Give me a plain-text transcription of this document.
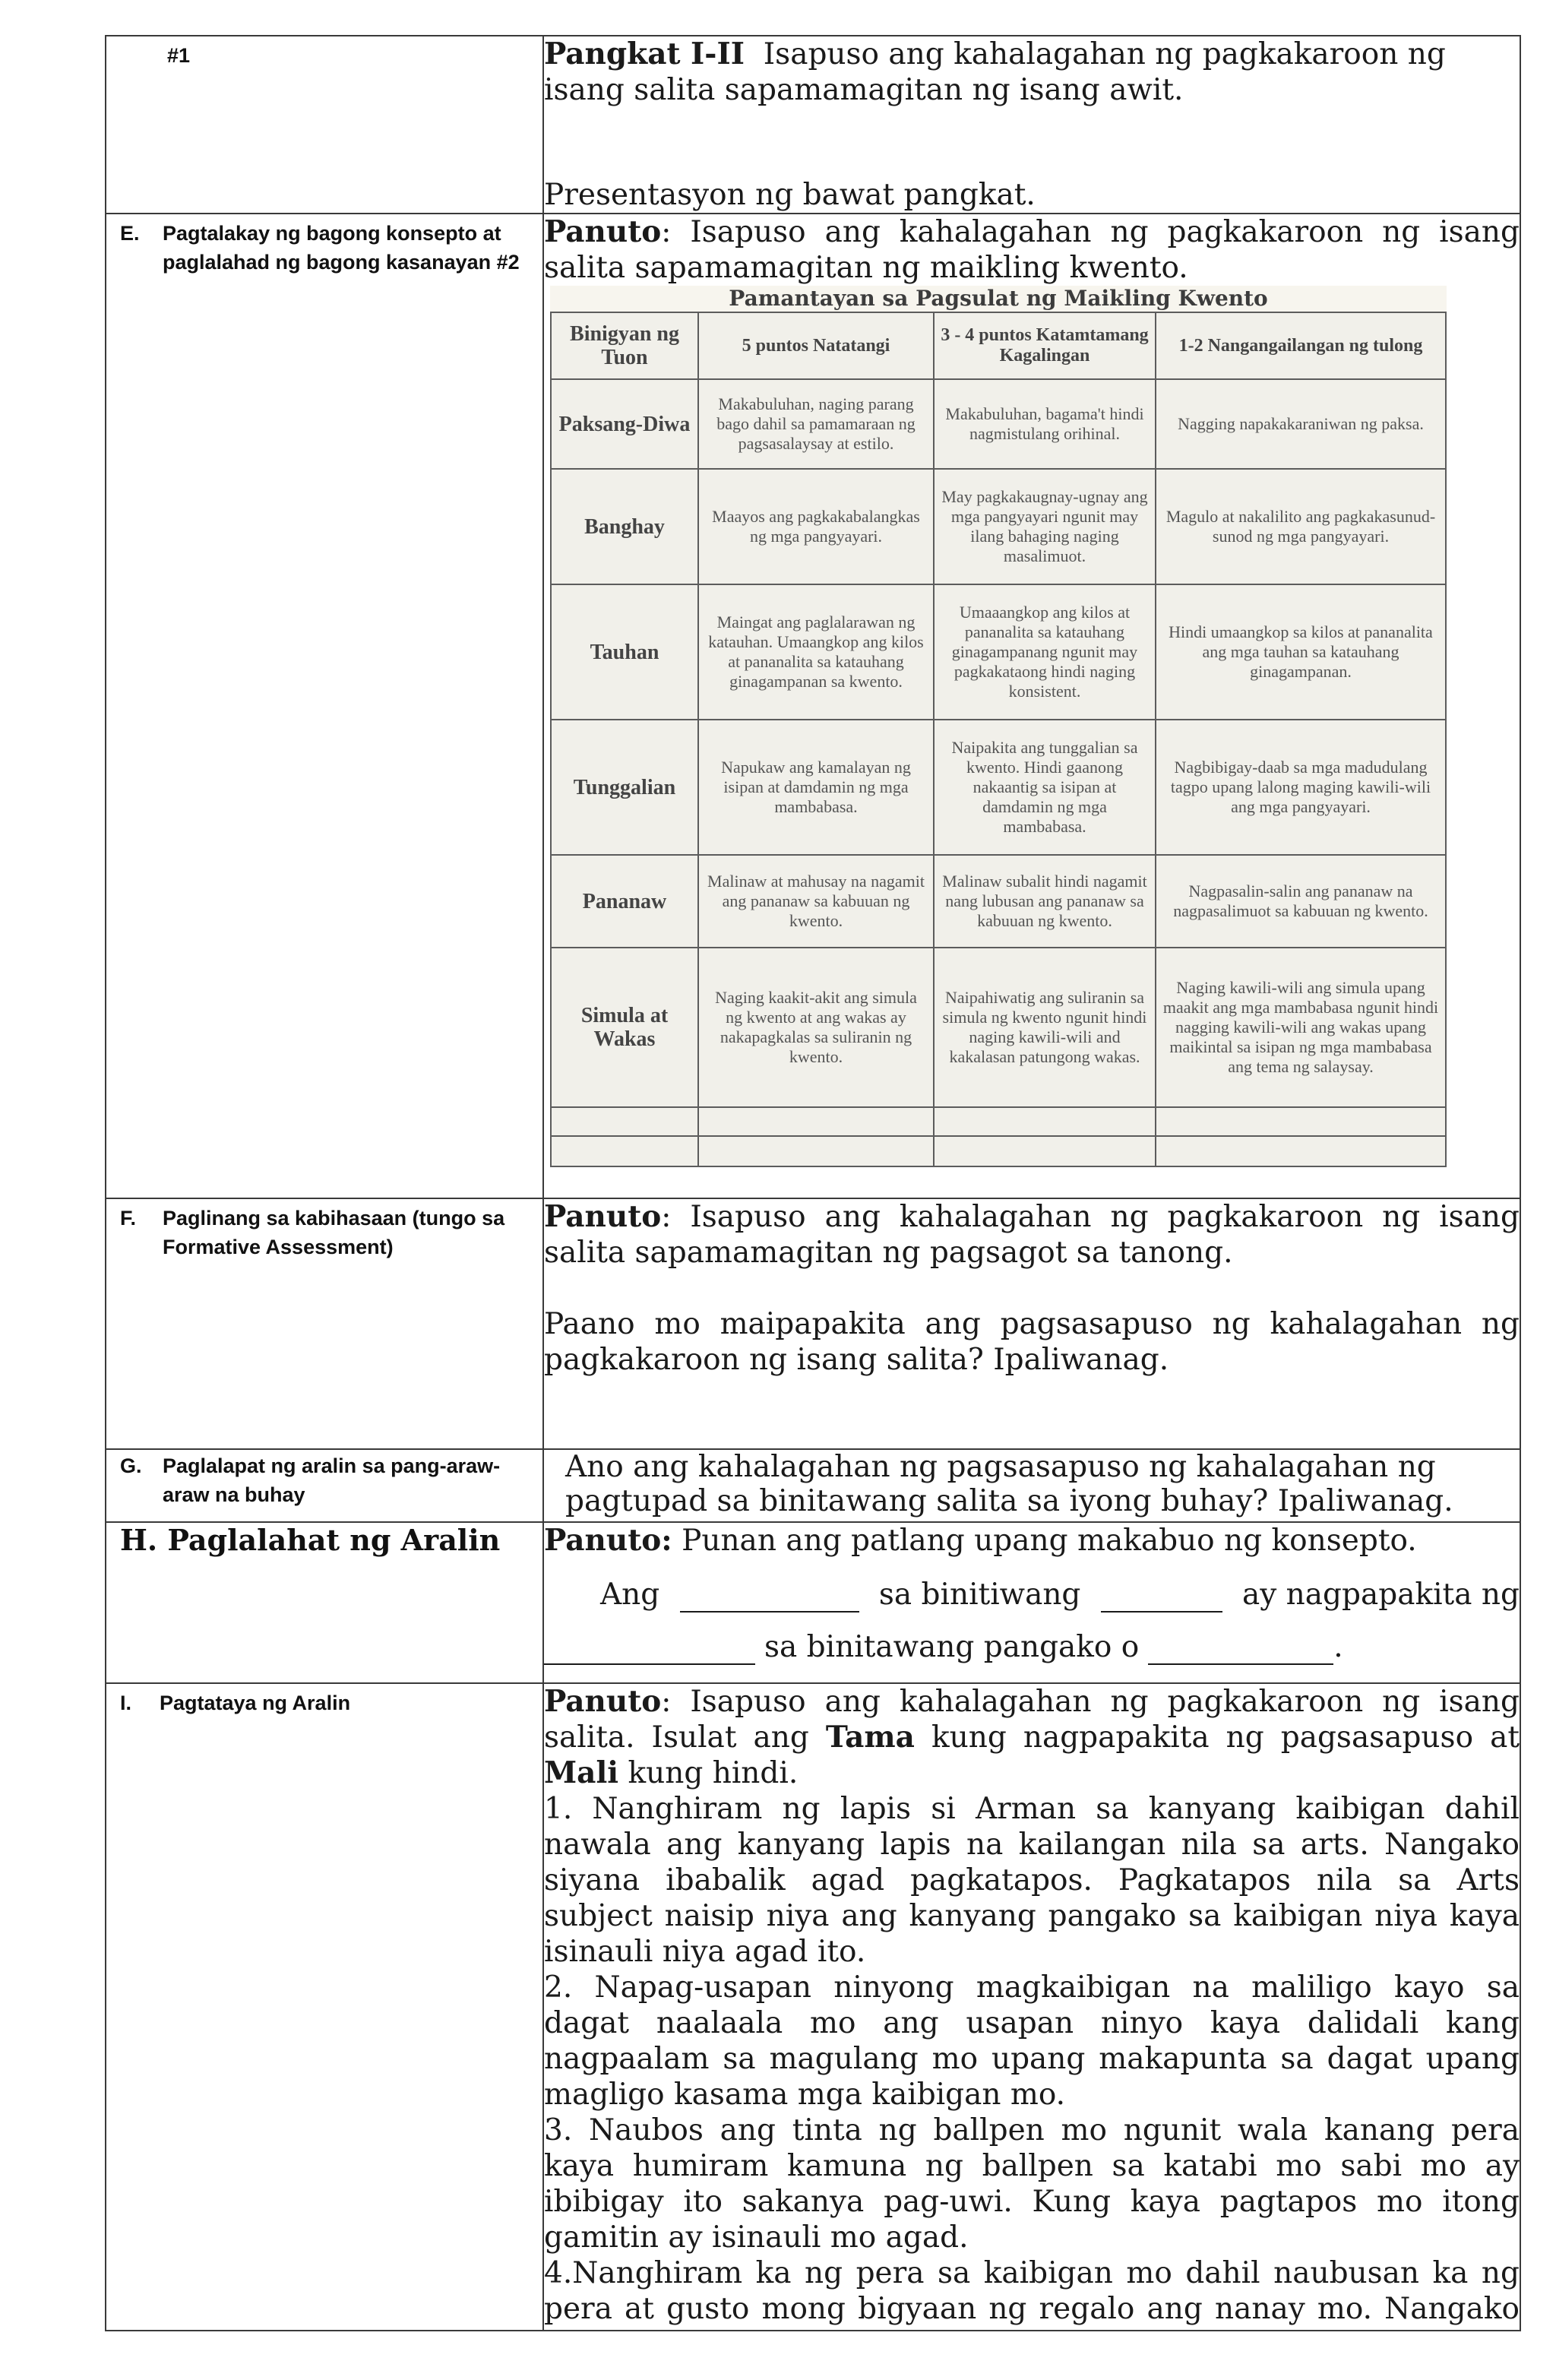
#1	Pangkat I-II Isapuso ang kahalagahan ng pagkakaroon ng isang salita sapamamagitan ng isang awit.
Presentasyon ng bawat pangkat.

E.	Pagtalakay ng bagong konsepto at paglalahad ng bagong kasanayan #2

Panuto: Isapuso ang kahalagahan ng pagkakaroon ng isang salita sapamamagitan ng maikling kwento.
Pamantayan sa Pagsulat ng Maikling Kwento
Binigyan ng Tuon	5 puntos Natatangi	3 - 4 puntos Katamtamang Kagalingan	1-2 Nangangailangan ng tulong
Paksang-Diwa	Makabuluhan, naging parang bago dahil sa pamamaraan ng pagsasalaysay at estilo.	Makabuluhan, bagama't hindi nagmistulang orihinal.	Nagging napakakaraniwan ng paksa.
Banghay	Maayos ang pagkakabalangkas ng mga pangyayari.	May pagkakaugnay-ugnay ang mga pangyayari ngunit may ilang bahaging naging masalimuot.	Magulo at nakalilito ang pagkakasunud-sunod ng mga pangyayari.
Tauhan	Maingat ang paglalarawan ng katauhan. Umaangkop ang kilos at pananalita sa katauhang ginagampanan sa kwento.	Umaaangkop ang kilos at pananalita sa katauhang ginagampanang ngunit may pagkakataong hindi naging konsistent.	Hindi umaangkop sa kilos at pananalita ang mga tauhan sa katauhang ginagampanan.
Tunggalian	Napukaw ang kamalayan ng isipan at damdamin ng mga mambabasa.	Naipakita ang tunggalian sa kwento. Hindi gaanong nakaantig sa isipan at damdamin ng mga mambabasa.	Nagbibigay-daab sa mga madudulang tagpo upang lalong maging kawili-wili ang mga pangyayari.
Pananaw	Malinaw at mahusay na nagamit ang pananaw sa kabuuan ng kwento.	Malinaw subalit hindi nagamit nang lubusan ang pananaw sa kabuuan ng kwento.	Nagpasalin-salin ang pananaw na nagpasalimuot sa kabuuan ng kwento.
Simula at Wakas	Naging kaakit-akit ang simula ng kwento at ang wakas ay nakapagkalas sa suliranin ng kwento.	Naipahiwatig ang suliranin sa simula ng kwento ngunit hindi naging kawili-wili and kakalasan patungong wakas.	Naging kawili-wili ang simula upang maakit ang mga mambabasa ngunit hindi nagging kawili-wili ang wakas upang maikintal sa isipan ng mga mambabasa ang tema ng salaysay.

F.	Paglinang sa kabihasaan (tungo sa Formative Assessment)

Panuto: Isapuso ang kahalagahan ng pagkakaroon ng isang salita sapamamagitan ng pagsagot sa tanong.
Paano mo maipapakita ang pagsasapuso ng kahalagahan ng pagkakaroon ng isang salita? Ipaliwanag.

G.	Paglalapat ng aralin sa pang-araw-araw na buhay

Ano ang kahalagahan ng pagsasapuso ng kahalagahan ng pagtupad sa binitawang salita sa iyong buhay? Ipaliwanag.

H. Paglalahat ng Aralin	Panuto: Punan ang patlang upang makabuo ng konsepto.
Ang	sa binitiwang	ay nagpapakita ng
sa binitawang pangako o	.

I.	Pagtataya ng Aralin	Panuto: Isapuso ang kahalagahan ng pagkakaroon ng isang salita. Isulat ang Tama kung nagpapakita ng pagsasapuso at Mali kung hindi.
1. Nanghiram ng lapis si Arman sa kanyang kaibigan dahil nawala ang kanyang lapis na kailangan nila sa arts. Nangako siyana ibabalik agad pagkatapos. Pagkatapos nila sa Arts subject naisip niya ang kanyang pangako sa kaibigan niya kaya isinauli niya agad ito.
2. Napag-usapan ninyong magkaibigan na maliligo kayo sa dagat naalaala mo ang usapan ninyo kaya dalidali kang nagpaalam sa magulang mo upang makapunta sa dagat upang magligo kasama mga kaibigan mo.
3. Naubos ang tinta ng ballpen mo ngunit wala kanang pera kaya humiram kamuna ng ballpen sa katabi mo sabi mo ay ibibigay ito sakanya pag-uwi. Kung kaya pagtapos mo itong gamitin ay isinauli mo agad.
4.Nanghiram ka ng pera sa kaibigan mo dahil naubusan ka ng pera at gusto mong bigyaan ng regalo ang nanay mo. Nangako
